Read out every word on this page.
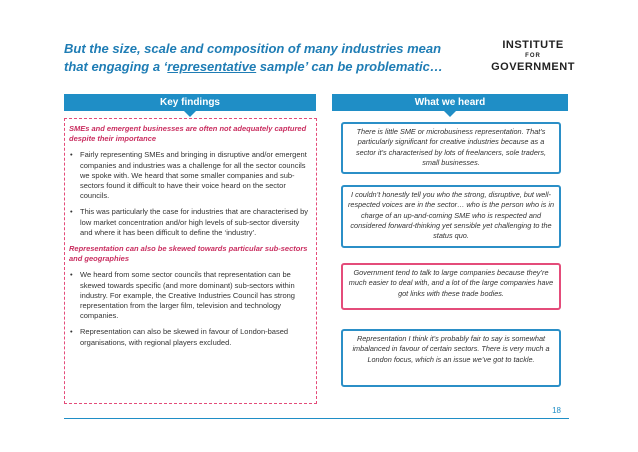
But the size, scale and composition of many industries mean
that engaging a ‘representative sample’ can be problematic…
INSTITUTE
FOR
GOVERNMENT
Key findings	What we heard
SMEs and emergent businesses are often not adequately captured despite their importance
• Fairly representing SMEs and bringing in disruptive and/or emergent companies and industries was a challenge for all the sector councils we spoke with. We heard that some smaller companies and sub-sectors found it difficult to have their voice heard on the sector councils.
• This was particularly the case for industries that are characterised by low market concentration and/or high levels of sub-sector diversity and where it has been difficult to define the ‘industry’.
Representation can also be skewed towards particular sub-sectors and geographies
• We heard from some sector councils that representation can be skewed towards specific (and more dominant) sub-sectors within industry. For example, the Creative Industries Council has strong representation from the larger film, television and technology companies.
• Representation can also be skewed in favour of London-based organisations, with regional players excluded.
There is little SME or microbusiness representation. That’s particularly significant for creative industries because as a sector it’s characterised by lots of freelancers, sole traders, small businesses.
I couldn’t honestly tell you who the strong, disruptive, but well-respected voices are in the sector… who is the person who is in charge of an up-and-coming SME who is respected and considered forward-thinking yet sensible yet challenging to the status quo.
Government tend to talk to large companies because they’re much easier to deal with, and a lot of the large companies have got links with these trade bodies.
Representation I think it’s probably fair to say is somewhat imbalanced in favour of certain sectors. There is very much a London focus, which is an issue we’ve got to tackle.
18
